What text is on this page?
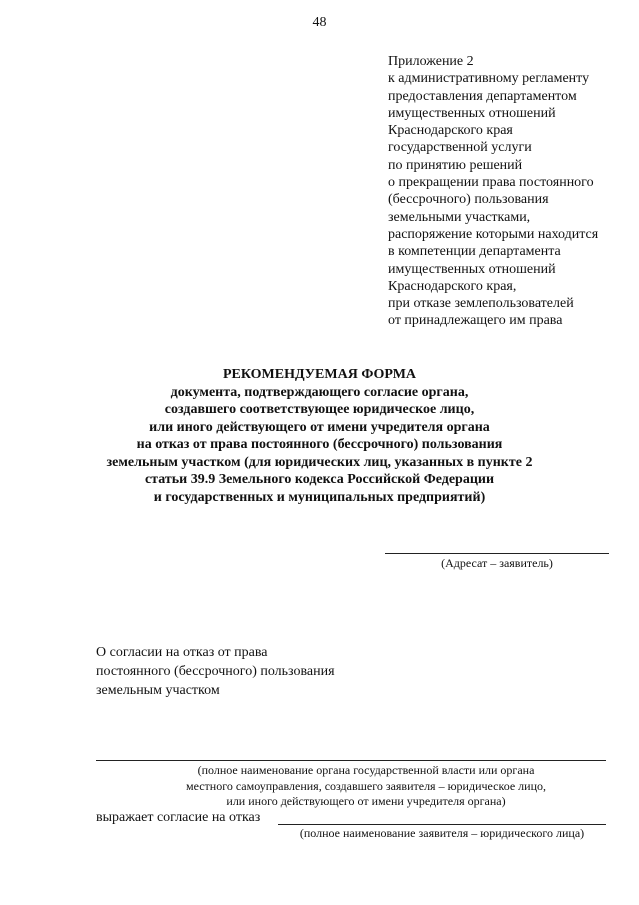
48
Приложение 2
к административному регламенту
предоставления департаментом
имущественных отношений
Краснодарского края
государственной услуги
по принятию решений
о прекращении права постоянного
(бессрочного) пользования
земельными участками,
распоряжение которыми находится
в компетенции департамента
имущественных отношений
Краснодарского края,
при отказе землепользователей
от принадлежащего им права
РЕКОМЕНДУЕМАЯ ФОРМА
документа, подтверждающего согласие органа,
создавшего соответствующее юридическое лицо,
или иного действующего от имени учредителя органа
на отказ от права постоянного (бессрочного) пользования
земельным участком (для юридических лиц, указанных в пункте 2
статьи 39.9 Земельного кодекса Российской Федерации
и государственных и муниципальных предприятий)
(Адресат – заявитель)
О согласии на отказ от права
постоянного (бессрочного) пользования
земельным участком
(полное наименование органа государственной власти или органа
местного самоуправления, создавшего заявителя – юридическое лицо,
или иного действующего от имени учредителя органа)
выражает согласие на отказ
(полное наименование заявителя – юридического лица)
